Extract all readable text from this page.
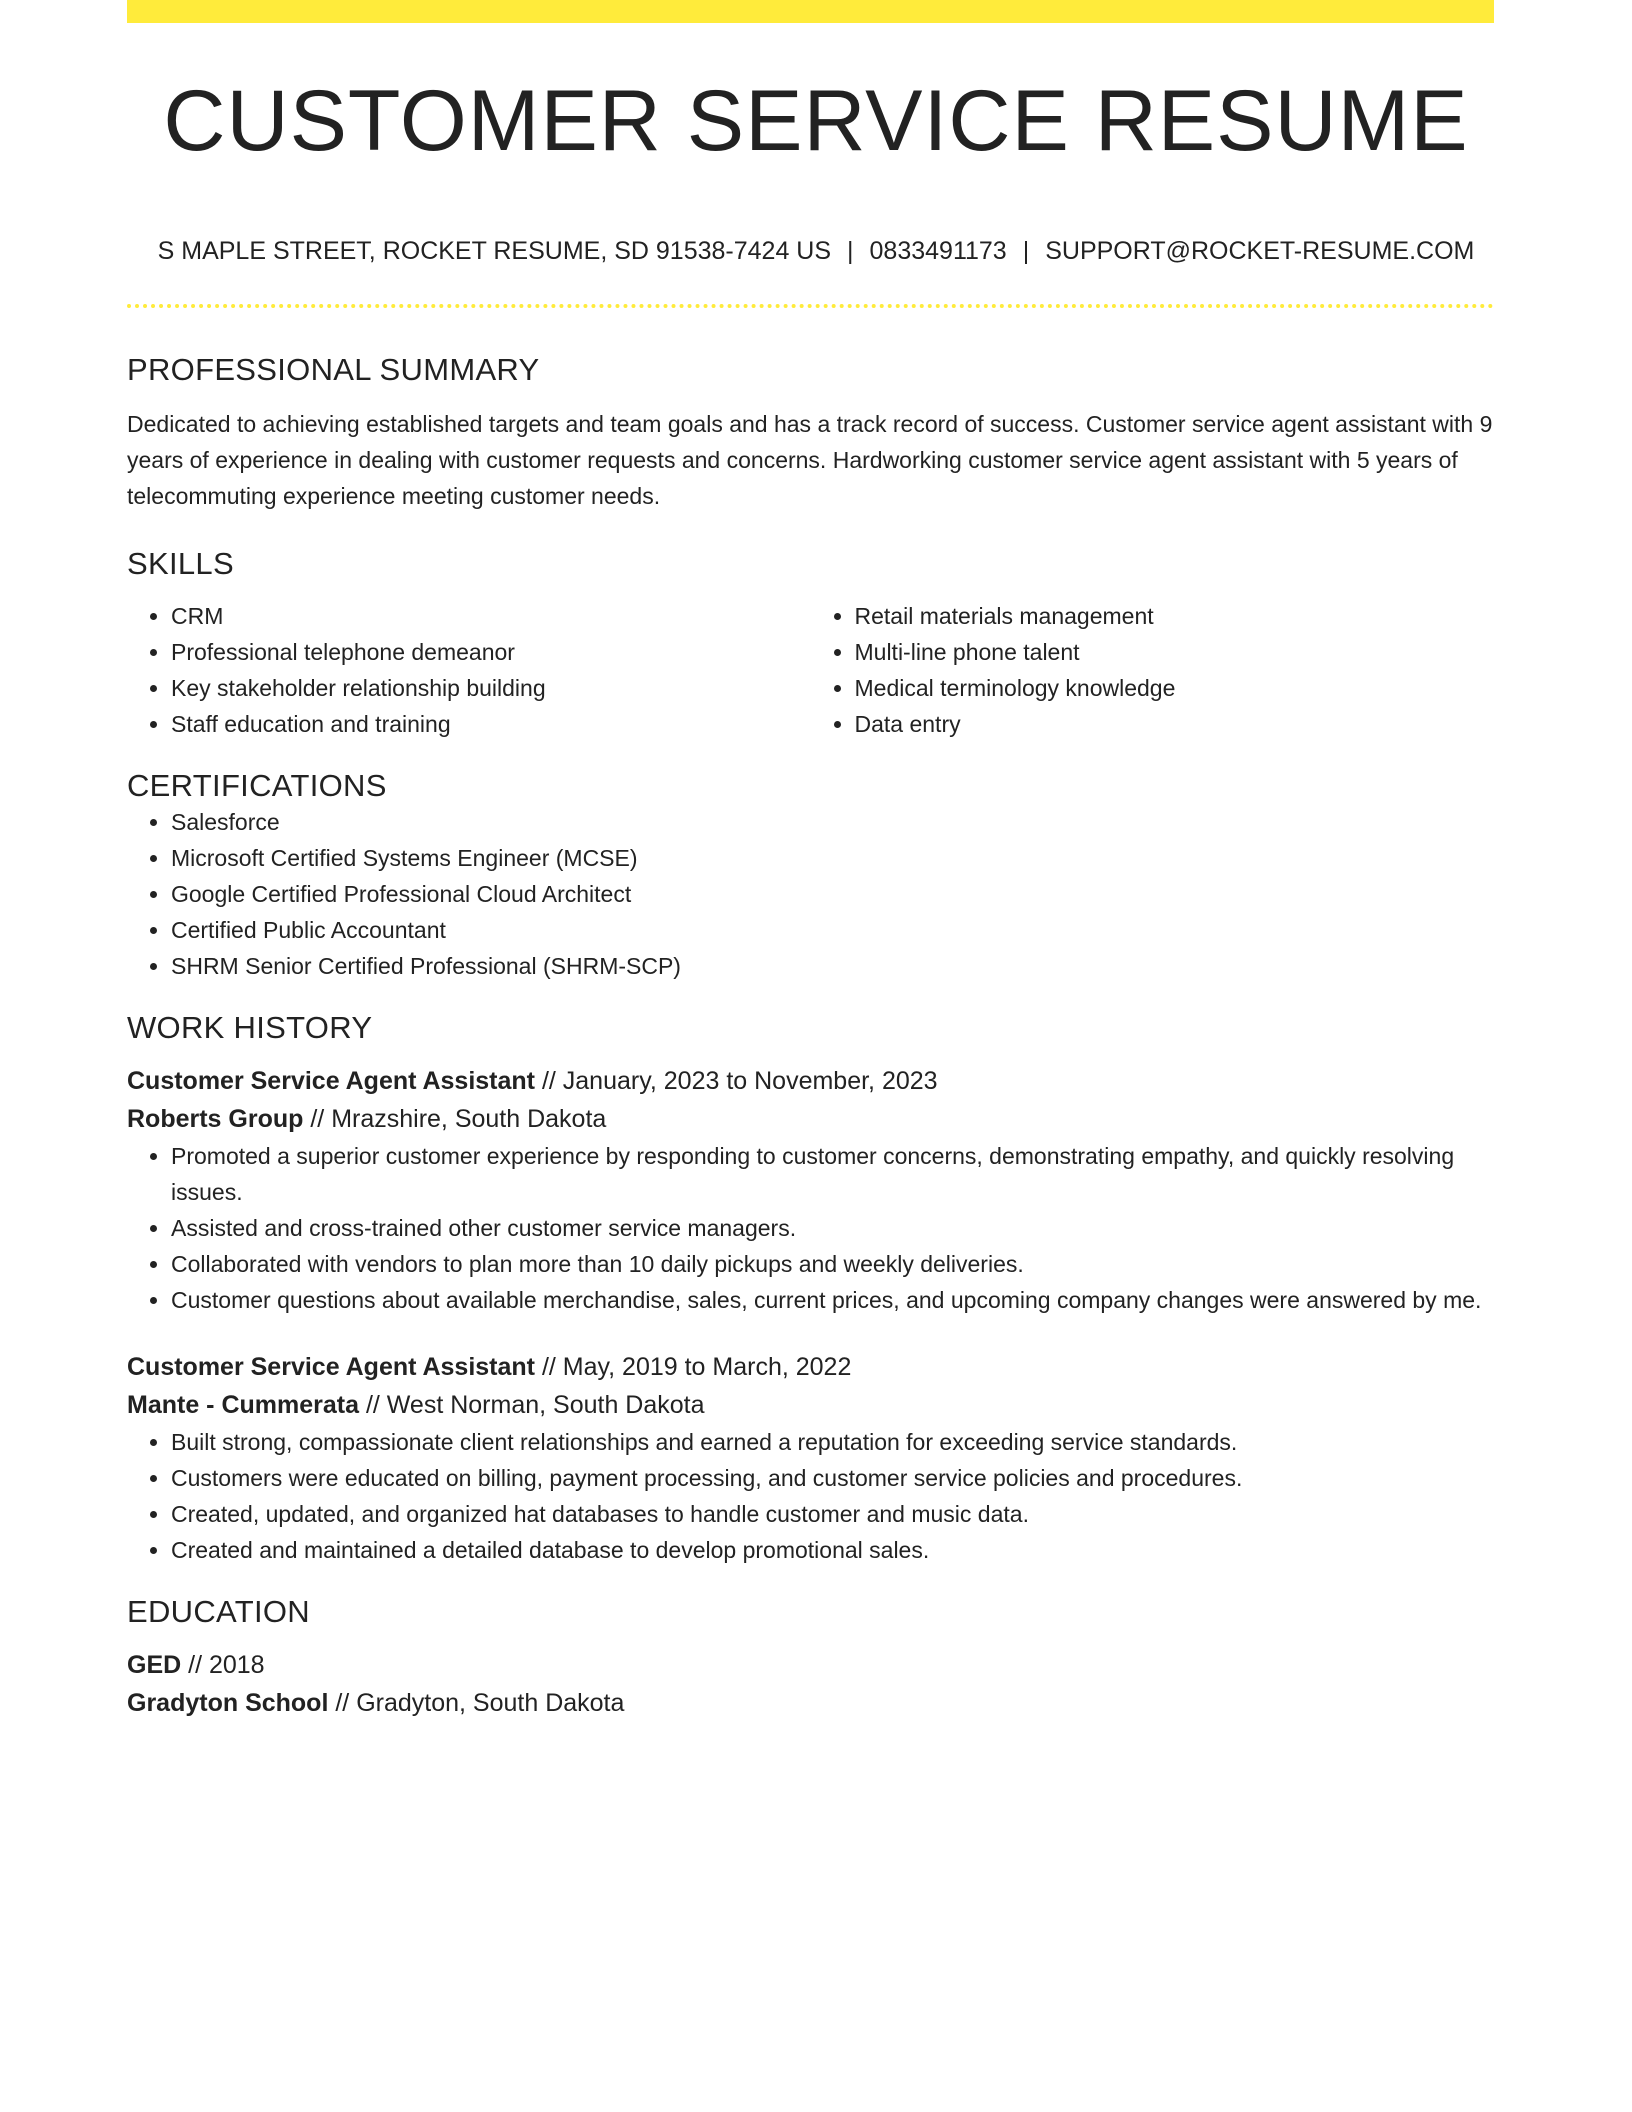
CUSTOMER SERVICE RESUME
S MAPLE STREET, ROCKET RESUME, SD 91538-7424 US | 0833491173 | SUPPORT@ROCKET-RESUME.COM
PROFESSIONAL SUMMARY

Dedicated to achieving established targets and team goals and has a track record of success. Customer service agent assistant with 9 years of experience in dealing with customer requests and concerns. Hardworking customer service agent assistant with 5 years of telecommuting experience meeting customer needs.

SKILLS
• CRM
• Professional telephone demeanor
• Key stakeholder relationship building
• Staff education and training
• Retail materials management
• Multi-line phone talent
• Medical terminology knowledge
• Data entry
CERTIFICATIONS
• Salesforce
• Microsoft Certified Systems Engineer (MCSE)
• Google Certified Professional Cloud Architect
• Certified Public Accountant
• SHRM Senior Certified Professional (SHRM-SCP)
WORK HISTORY
Customer Service Agent Assistant // January, 2023 to November, 2023
Roberts Group // Mrazshire, South Dakota
• Promoted a superior customer experience by responding to customer concerns, demonstrating empathy, and quickly resolving issues.
• Assisted and cross-trained other customer service managers.
• Collaborated with vendors to plan more than 10 daily pickups and weekly deliveries.
• Customer questions about available merchandise, sales, current prices, and upcoming company changes were answered by me.
Customer Service Agent Assistant // May, 2019 to March, 2022
Mante - Cummerata // West Norman, South Dakota
• Built strong, compassionate client relationships and earned a reputation for exceeding service standards.
• Customers were educated on billing, payment processing, and customer service policies and procedures.
• Created, updated, and organized hat databases to handle customer and music data.
• Created and maintained a detailed database to develop promotional sales.
EDUCATION
GED // 2018
Gradyton School // Gradyton, South Dakota
